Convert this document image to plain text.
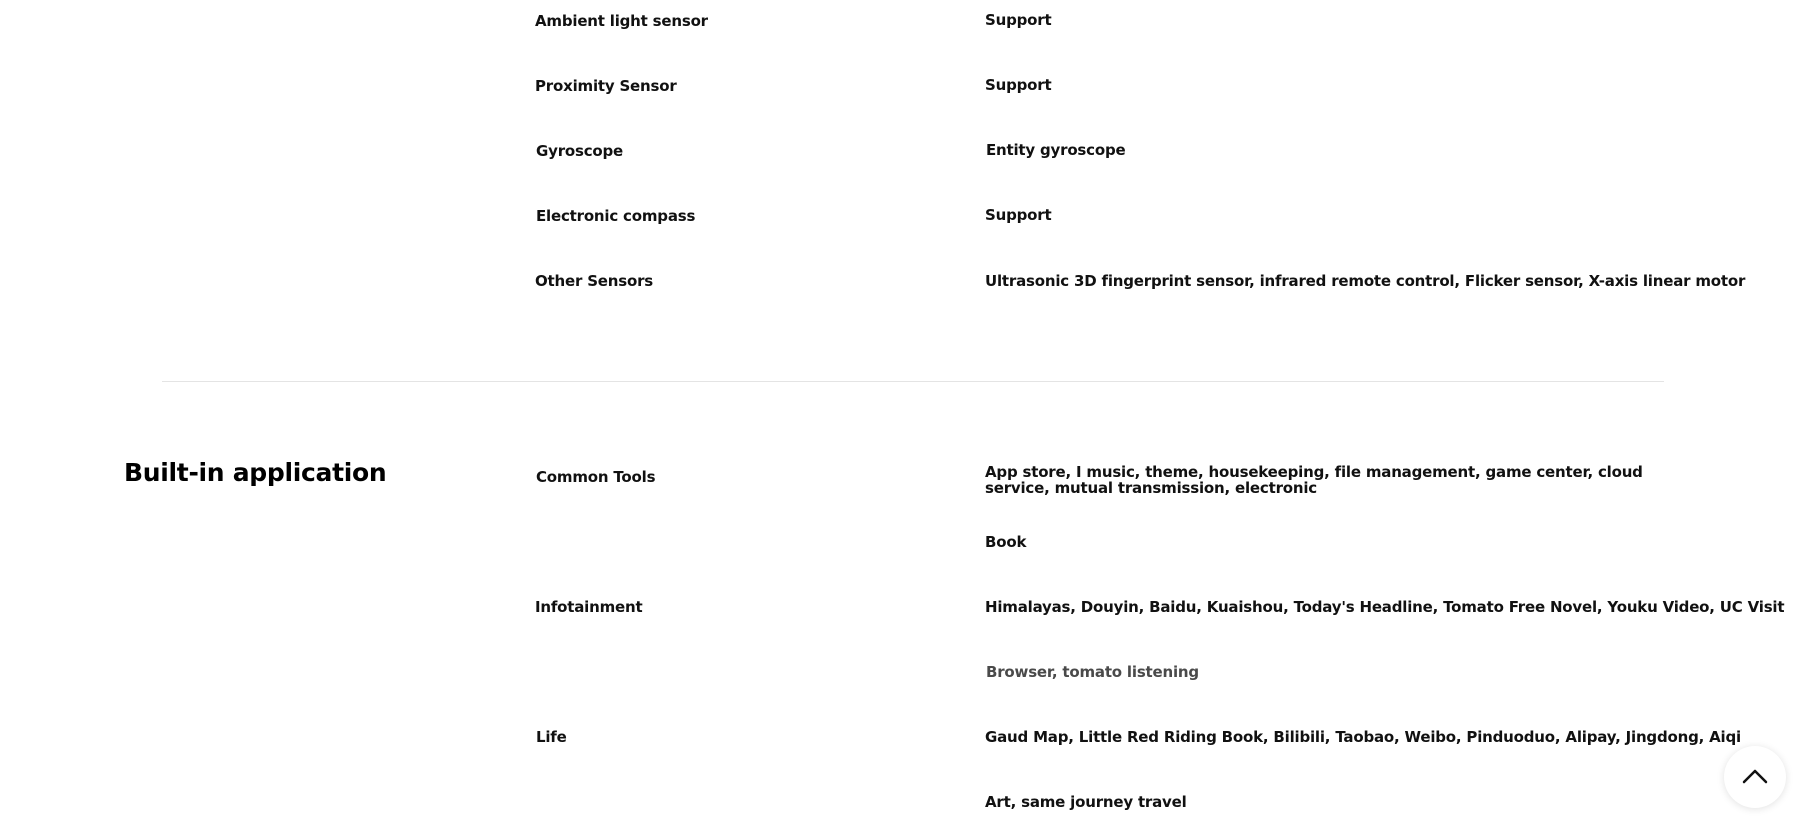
Ambient light sensor	Support
Proximity Sensor	Support
Gyroscope	Entity gyroscope
Electronic compass	Support
Other Sensors	Ultrasonic 3D fingerprint sensor, infrared remote control, Flicker sensor, X-axis linear motor
Built-in application	Common Tools	App store, I music, theme, housekeeping, file management, game center, cloud service, mutual transmission, electronic
Book
Infotainment	Himalayas, Douyin, Baidu, Kuaishou, Today's Headline, Tomato Free Novel, Youku Video, UC Visit
Browser, tomato listening
Life	Gaud Map, Little Red Riding Book, Bilibili, Taobao, Weibo, Pinduoduo, Alipay, Jingdong, Aiqi
Art, same journey travel
